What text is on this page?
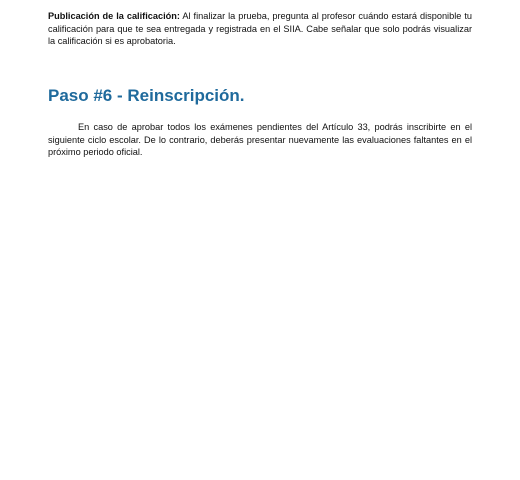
Publicación de la calificación: Al finalizar la prueba, pregunta al profesor cuándo estará disponible tu calificación para que te sea entregada y registrada en el SIIA. Cabe señalar que solo podrás visualizar la calificación si es aprobatoria.

Paso #6 - Reinscripción.

En caso de aprobar todos los exámenes pendientes del Artículo 33, podrás inscribirte en el siguiente ciclo escolar. De lo contrario, deberás presentar nuevamente las evaluaciones faltantes en el próximo periodo oficial.
